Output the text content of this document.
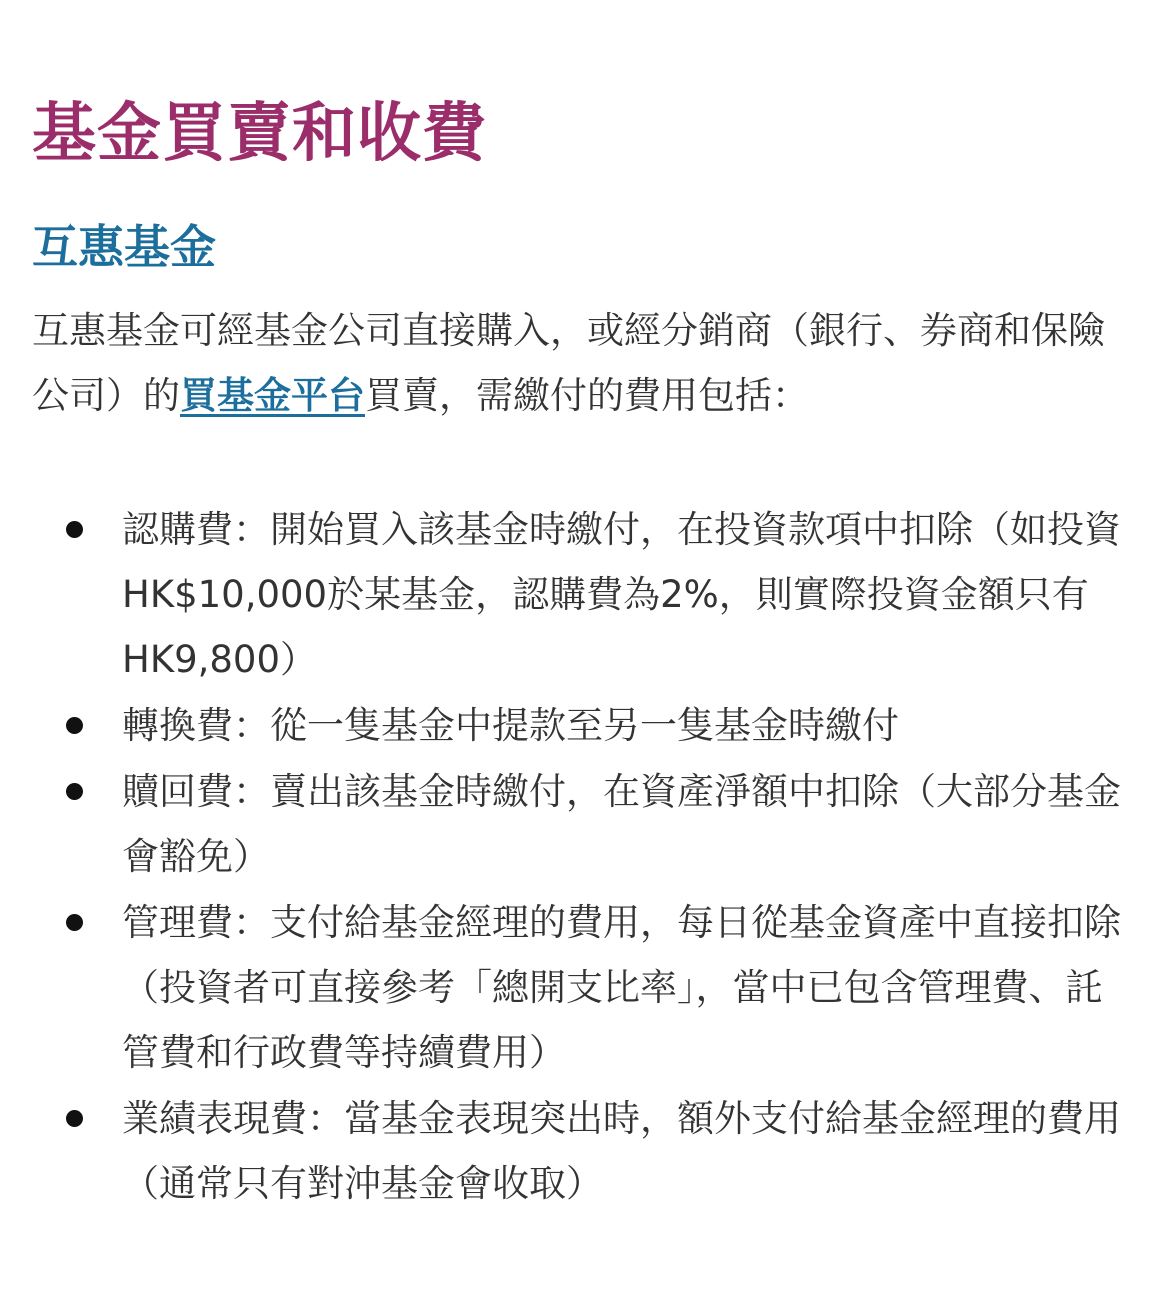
基金買賣和收費
互惠基金

互惠基金可經基金公司直接購入，或經分銷商（銀行、券商和保險公司）的買基金平台買賣，需繳付的費用包括：

認購費：開始買入該基金時繳付，在投資款項中扣除（如投資HK$10,000於某基金，認購費為2%，則實際投資金額只有HK9,800）
轉換費：從一隻基金中提款至另一隻基金時繳付
贖回費：賣出該基金時繳付，在資產淨額中扣除（大部分基金會豁免）
管理費：支付給基金經理的費用，每日從基金資產中直接扣除（投資者可直接參考「總開支比率」，當中已包含管理費、託管費和行政費等持續費用）
業績表現費：當基金表現突出時，額外支付給基金經理的費用（通常只有對沖基金會收取）
